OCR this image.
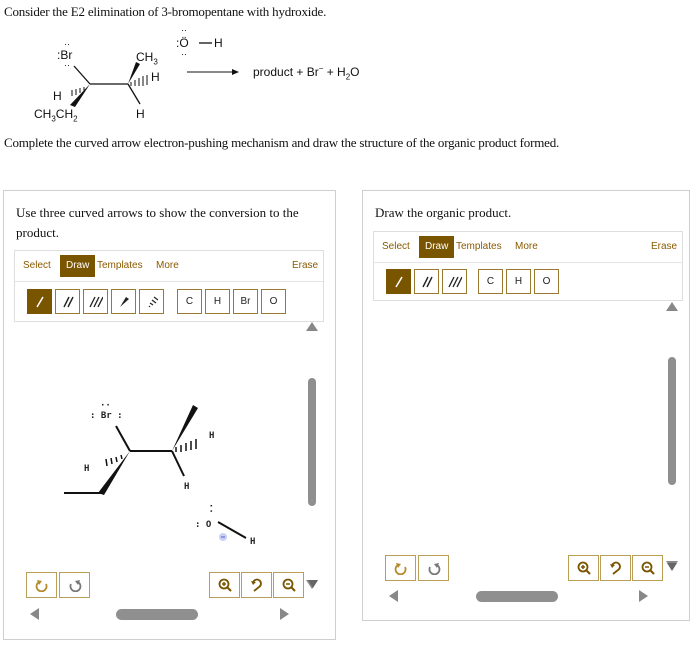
Consider the E2 elimination of 3-bromopentane with hydroxide.
:Br
··
··
$CH_3$
H
H
H
$CH_3CH_2$
:Ö
··
··
H
product + $Br^- + H_2O$
Complete the curved arrow electron-pushing mechanism and draw the structure of the organic product formed.
Use three curved arrows to show the conversion to the product.
Select	Draw Templates More	Erase
C	H	Br	O
: Br :
··
H
H
H
: O
··
H
Draw the organic product.
Select	Draw Templates More	Erase
C	H	O
